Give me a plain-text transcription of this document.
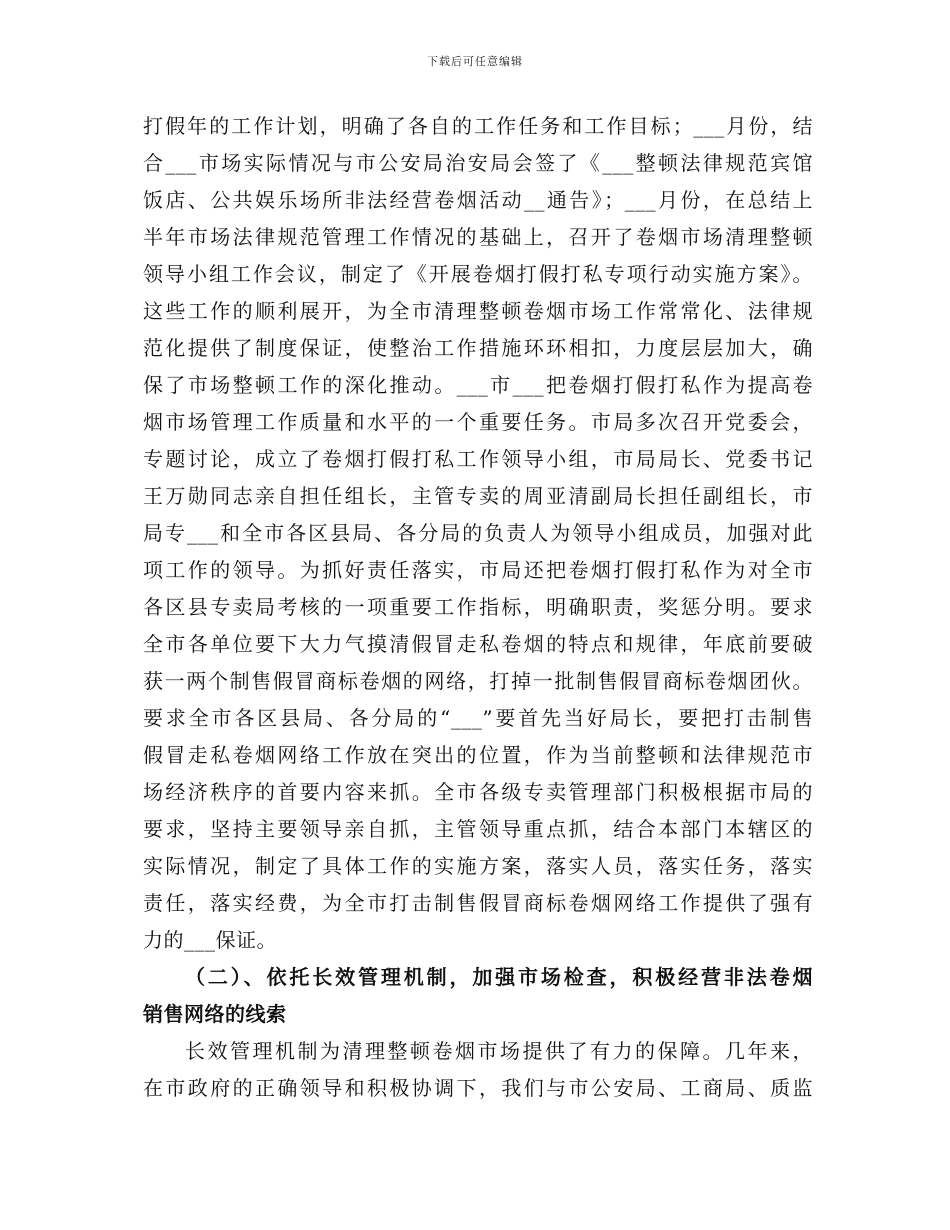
下载后可任意编辑
打假年的工作计划，明确了各自的工作任务和工作目标；___月份，结
合___市场实际情况与市公安局治安局会签了《___整顿法律规范宾馆
饭店、公共娱乐场所非法经营卷烟活动__通告》；___月份，在总结上
半年市场法律规范管理工作情况的基础上，召开了卷烟市场清理整顿
领导小组工作会议，制定了《开展卷烟打假打私专项行动实施方案》。
这些工作的顺利展开，为全市清理整顿卷烟市场工作常常化、法律规
范化提供了制度保证，使整治工作措施环环相扣，力度层层加大，确
保了市场整顿工作的深化推动。___市___把卷烟打假打私作为提高卷
烟市场管理工作质量和水平的一个重要任务。市局多次召开党委会，
专题讨论，成立了卷烟打假打私工作领导小组，市局局长、党委书记
王万勋同志亲自担任组长，主管专卖的周亚清副局长担任副组长，市
局专___和全市各区县局、各分局的负责人为领导小组成员，加强对此
项工作的领导。为抓好责任落实，市局还把卷烟打假打私作为对全市
各区县专卖局考核的一项重要工作指标，明确职责，奖惩分明。要求
全市各单位要下大力气摸清假冒走私卷烟的特点和规律，年底前要破
获一两个制售假冒商标卷烟的网络，打掉一批制售假冒商标卷烟团伙。
要求全市各区县局、各分局的“___”要首先当好局长，要把打击制售
假冒走私卷烟网络工作放在突出的位置，作为当前整顿和法律规范市
场经济秩序的首要内容来抓。全市各级专卖管理部门积极根据市局的
要求，坚持主要领导亲自抓，主管领导重点抓，结合本部门本辖区的
实际情况，制定了具体工作的实施方案，落实人员，落实任务，落实
责任，落实经费，为全市打击制售假冒商标卷烟网络工作提供了强有
力的___保证。
（二）、依托长效管理机制，加强市场检查，积极经营非法卷烟
销售网络的线索
长效管理机制为清理整顿卷烟市场提供了有力的保障。几年来，
在市政府的正确领导和积极协调下，我们与市公安局、工商局、质监
